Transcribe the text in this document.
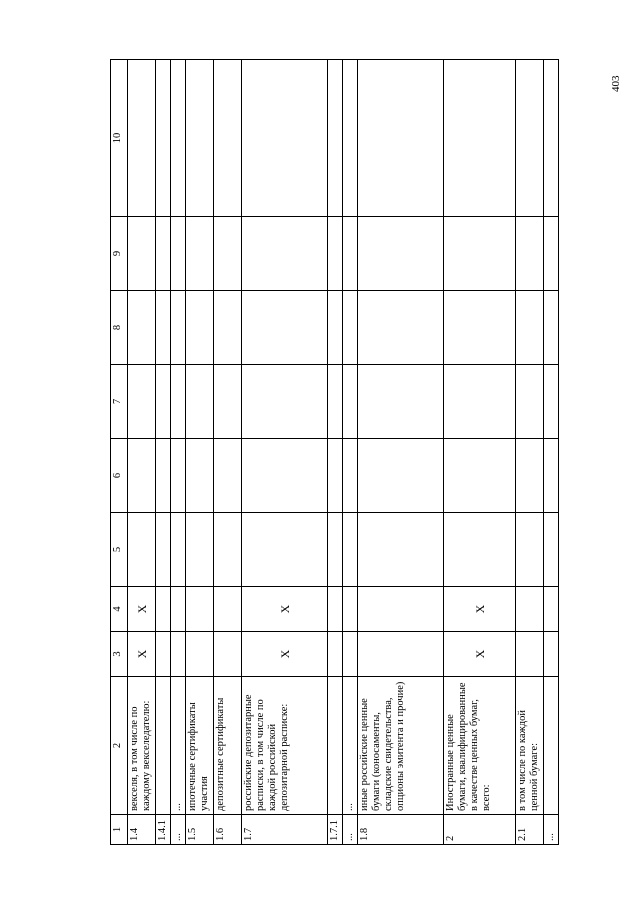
403
1	2	3	4	5	6	7	8	9	10
1.4	векселя, в том числе по каждому векселедателю:	X	X						
1.4.1									
...	...								
1.5	ипотечные сертификаты участия								
1.6	депозитные сертификаты								
1.7	российские депозитарные расписки, в том числе по каждой российской депозитарной расписке:	X	X						
1.7.1									
...	...								
1.8	иные российские ценные бумаги (коносаменты, складские свидетельства, опционы эмитента и прочие)								
2	Иностранные ценные бумаги, квалифицированные в качестве ценных бумаг, всего:	X	X						
2.1	в том числе по каждой ценной бумаге:								
...									
